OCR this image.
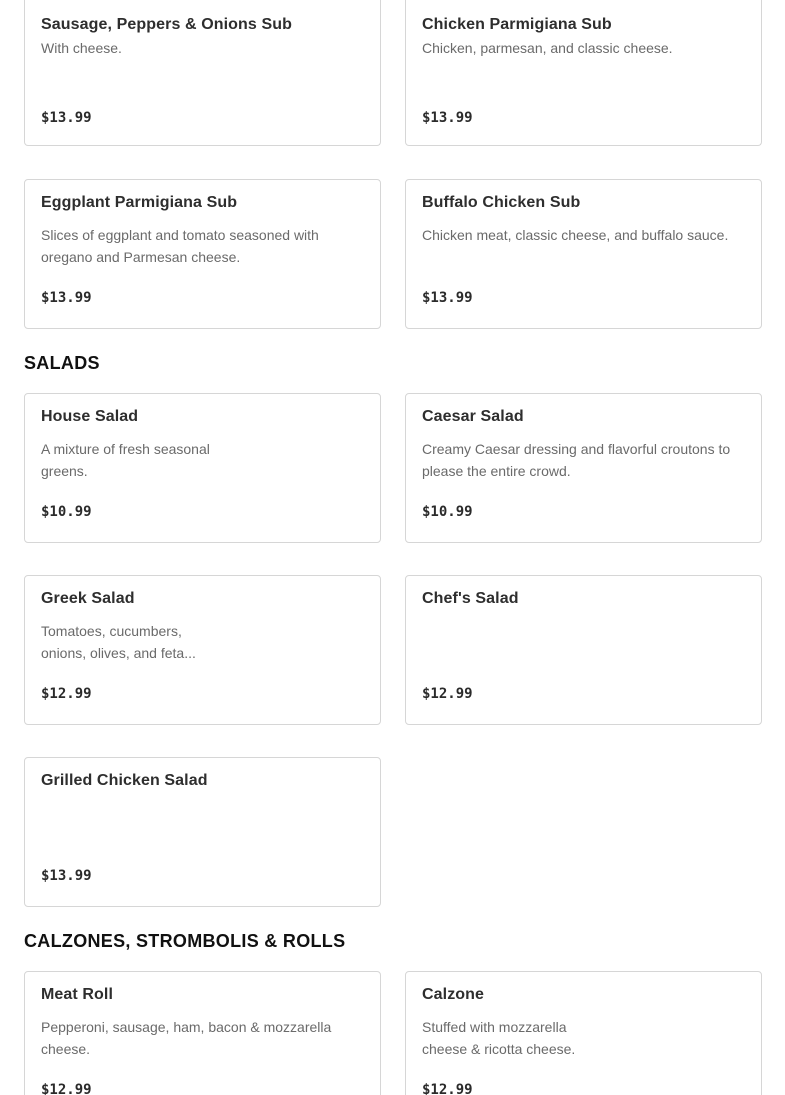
Sausage, Peppers & Onions Sub
With cheese.
$13.99
Chicken Parmigiana Sub
Chicken, parmesan, and classic cheese.
$13.99
Eggplant Parmigiana Sub
Slices of eggplant and tomato seasoned with oregano and Parmesan cheese.
$13.99
Buffalo Chicken Sub
Chicken meat, classic cheese, and buffalo sauce.
$13.99
SALADS
House Salad
A mixture of fresh seasonal greens.
$10.99
Caesar Salad
Creamy Caesar dressing and flavorful croutons to please the entire crowd.
$10.99
Greek Salad
Tomatoes, cucumbers, onions, olives, and feta...
$12.99
Chef's Salad
$12.99
Grilled Chicken Salad
$13.99
CALZONES, STROMBOLIS & ROLLS
Meat Roll
Pepperoni, sausage, ham, bacon & mozzarella cheese.
$12.99
Calzone
Stuffed with mozzarella cheese & ricotta cheese.
$12.99
